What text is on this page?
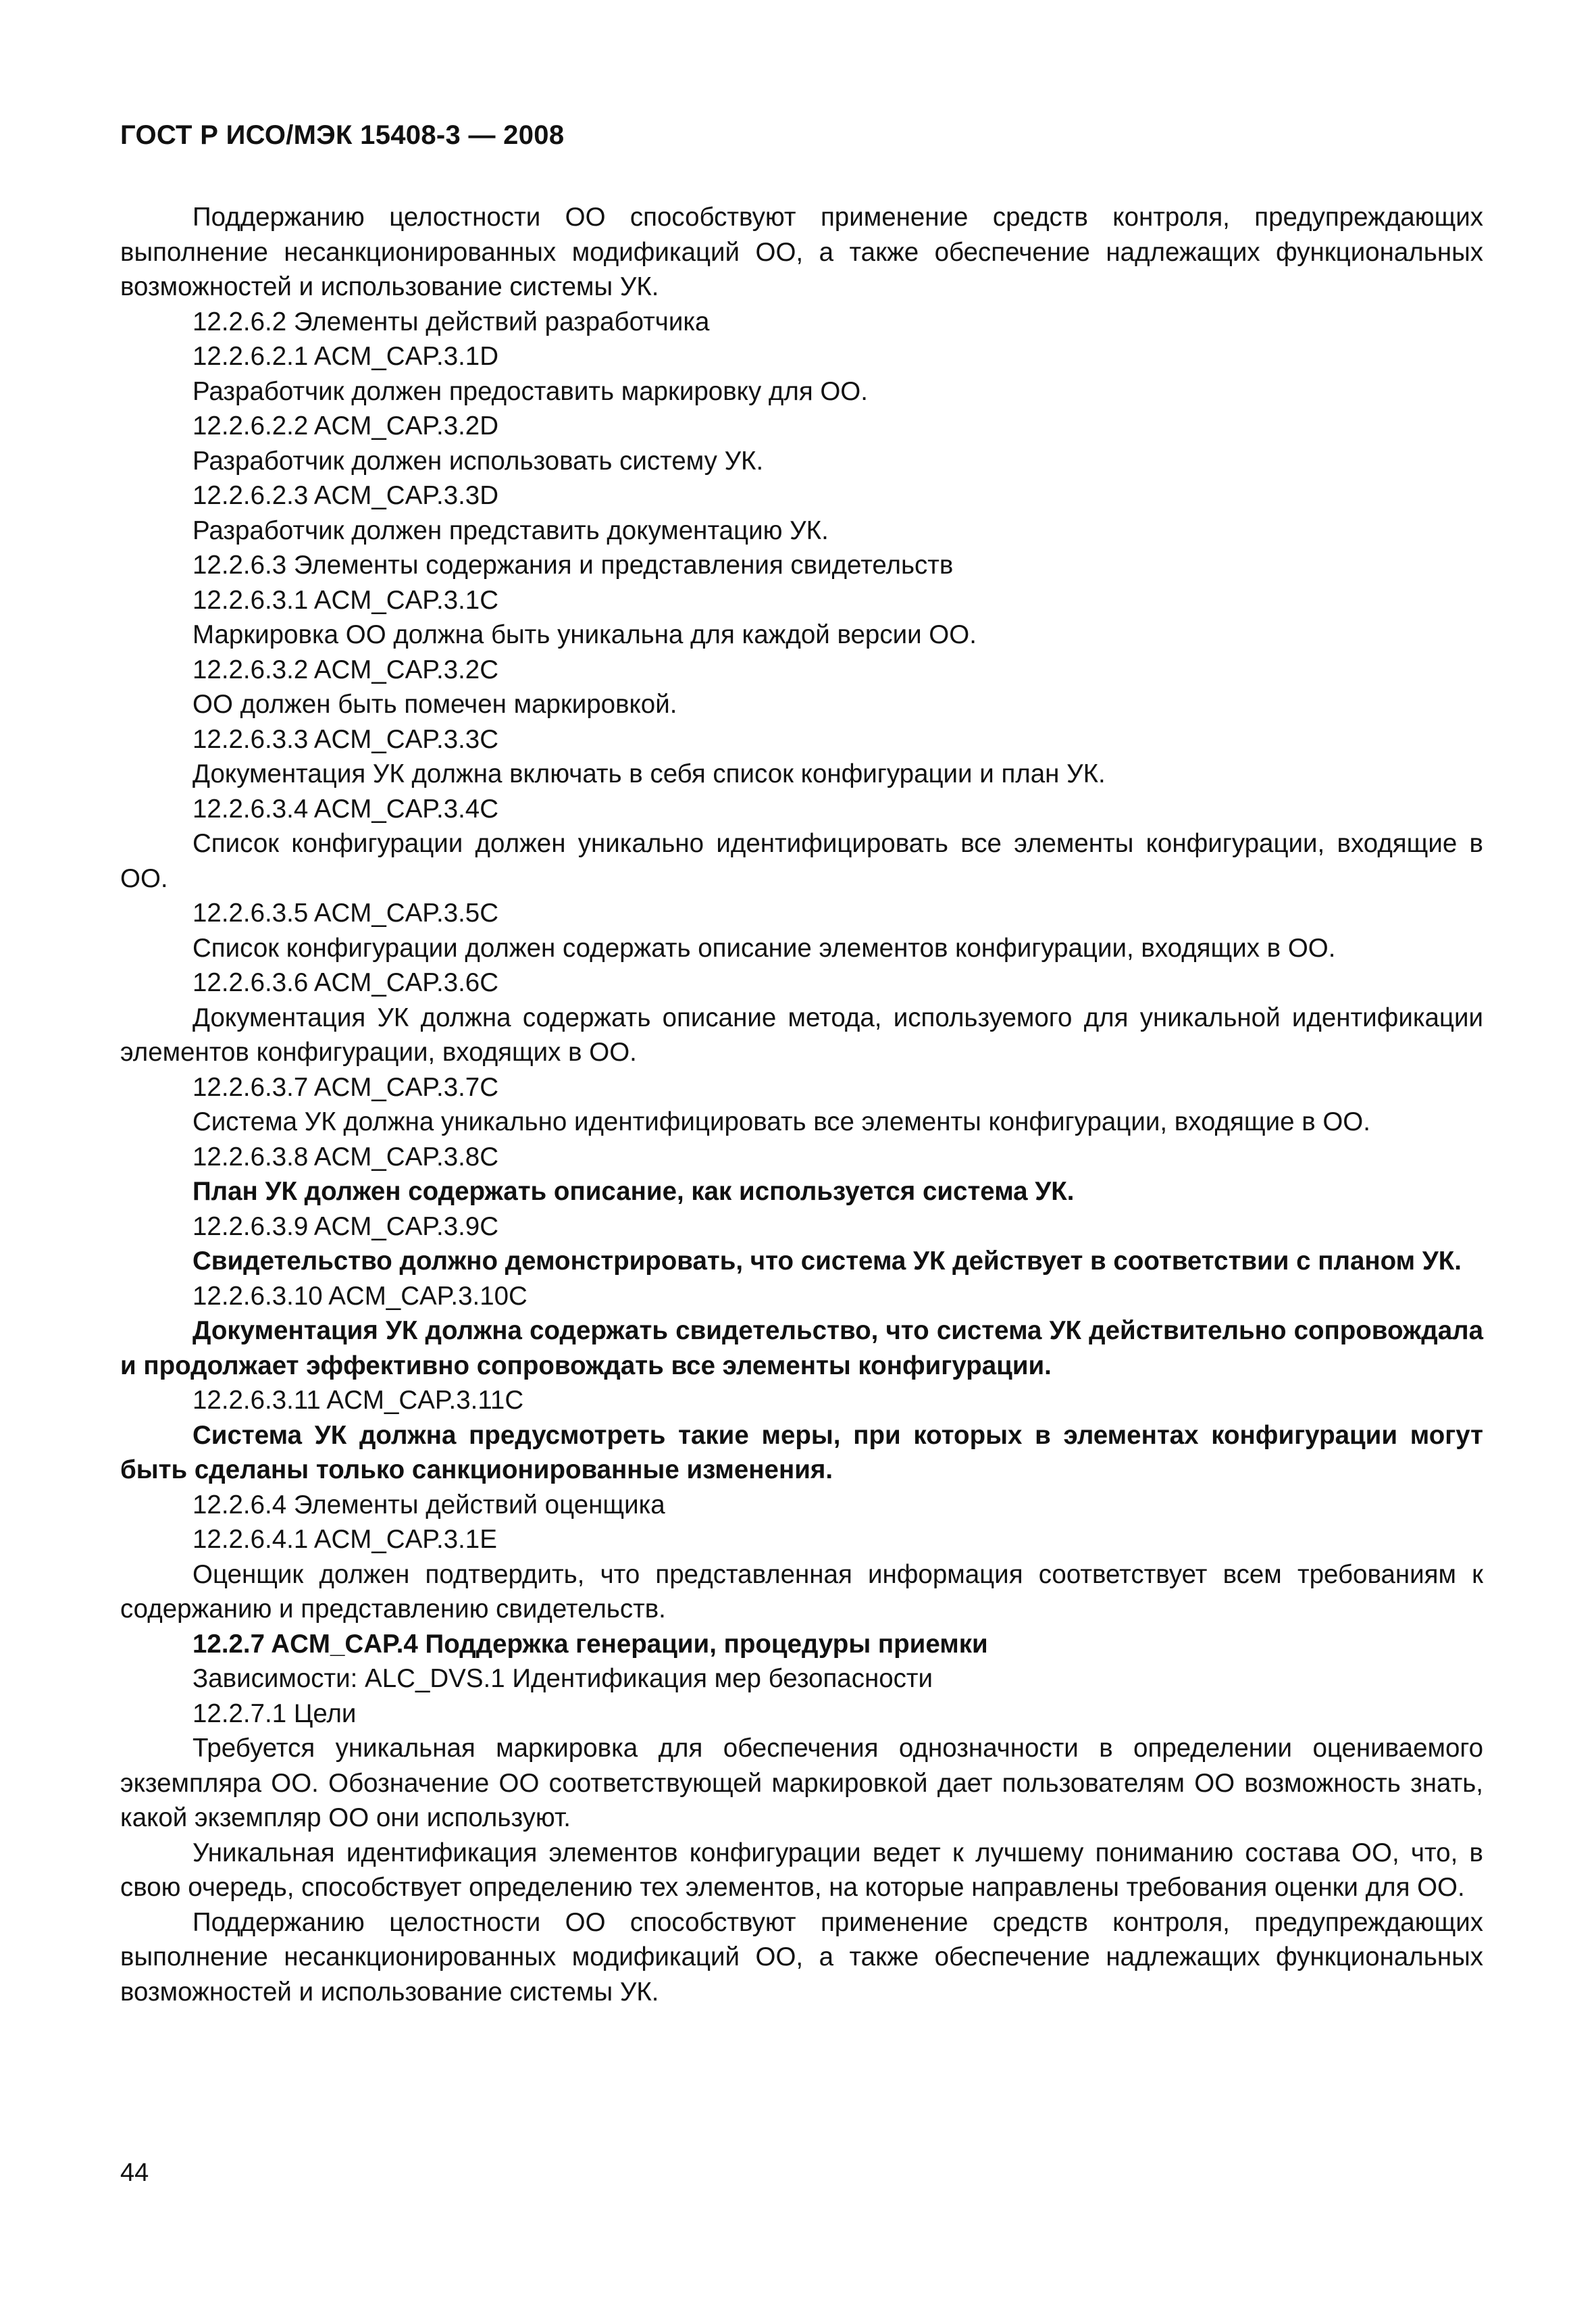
ГОСТ Р ИСО/МЭК 15408-3 — 2008

Поддержанию целостности ОО способствуют применение средств контроля, предупреждающих выполнение несанкционированных модификаций ОО, а также обеспечение надлежащих функциональных возможностей и использование системы УК.

12.2.6.2 Элементы действий разработчика

12.2.6.2.1 ACM_CAP.3.1D

Разработчик должен предоставить маркировку для ОО.

12.2.6.2.2 ACM_CAP.3.2D

Разработчик должен использовать систему УК.

12.2.6.2.3 ACM_CAP.3.3D

Разработчик должен представить документацию УК.

12.2.6.3 Элементы содержания и представления свидетельств

12.2.6.3.1 ACM_CAP.3.1C

Маркировка ОО должна быть уникальна для каждой версии ОО.

12.2.6.3.2 ACM_CAP.3.2C

ОО должен быть помечен маркировкой.

12.2.6.3.3 ACM_CAP.3.3C

Документация УК должна включать в себя список конфигурации и план УК.

12.2.6.3.4 ACM_CAP.3.4C

Список конфигурации должен уникально идентифицировать все элементы конфигурации, входящие в ОО.

12.2.6.3.5 ACM_CAP.3.5C

Список конфигурации должен содержать описание элементов конфигурации, входящих в ОО.

12.2.6.3.6 ACM_CAP.3.6C

Документация УК должна содержать описание метода, используемого для уникальной идентификации элементов конфигурации, входящих в ОО.

12.2.6.3.7 ACM_CAP.3.7C

Система УК должна уникально идентифицировать все элементы конфигурации, входящие в ОО.

12.2.6.3.8 ACM_CAP.3.8C

План УК должен содержать описание, как используется система УК.

12.2.6.3.9 ACM_CAP.3.9C

Свидетельство должно демонстрировать, что система УК действует в соответствии с планом УК.

12.2.6.3.10 ACM_CAP.3.10C

Документация УК должна содержать свидетельство, что система УК действительно сопровождала и продолжает эффективно сопровождать все элементы конфигурации.

12.2.6.3.11 ACM_CAP.3.11C

Система УК должна предусмотреть такие меры, при которых в элементах конфигурации могут быть сделаны только санкционированные изменения.

12.2.6.4 Элементы действий оценщика

12.2.6.4.1 ACM_CAP.3.1E

Оценщик должен подтвердить, что представленная информация соответствует всем требованиям к содержанию и представлению свидетельств.

12.2.7 ACM_CAP.4 Поддержка генерации, процедуры приемки

Зависимости: ALC_DVS.1 Идентификация мер безопасности

12.2.7.1 Цели

Требуется уникальная маркировка для обеспечения однозначности в определении оцениваемого экземпляра ОО. Обозначение ОО соответствующей маркировкой дает пользователям ОО возможность знать, какой экземпляр ОО они используют.

Уникальная идентификация элементов конфигурации ведет к лучшему пониманию состава ОО, что, в свою очередь, способствует определению тех элементов, на которые направлены требования оценки для ОО.

Поддержанию целостности ОО способствуют применение средств контроля, предупреждающих выполнение несанкционированных модификаций ОО, а также обеспечение надлежащих функциональных возможностей и использование системы УК.

44
